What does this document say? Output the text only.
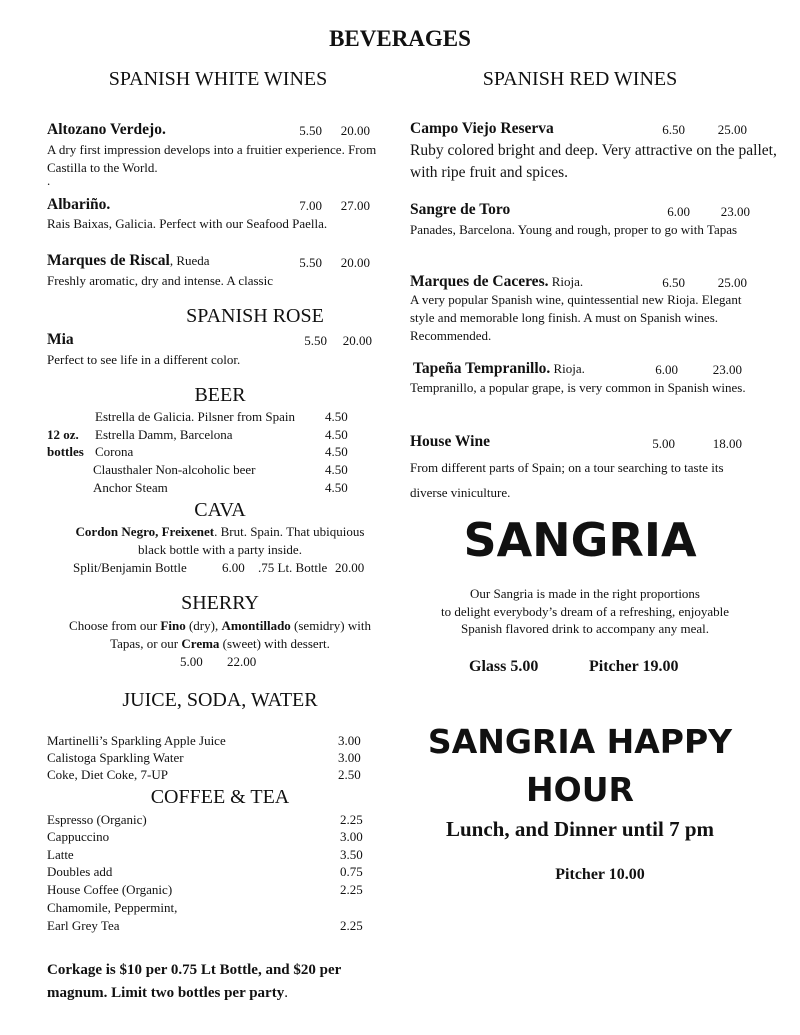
BEVERAGES
SPANISH WHITE WINES
Altozano Verdejo.	5.50	20.00
A dry first impression develops into a fruitier experience. From Castilla to the World.
.
Albariño.	7.00	27.00
Rais Baixas, Galicia. Perfect with our Seafood Paella.
Marques de Riscal, Rueda	5.50	20.00
Freshly aromatic, dry and intense. A classic
SPANISH ROSE
Mia	5.50	20.00
Perfect to see life in a different color.
BEER
12 oz.
bottles
Estrella de Galicia. Pilsner from Spain 4.50
Estrella Damm, Barcelona	4.50
Corona	4.50
Clausthaler Non-alcoholic beer	4.50
Anchor Steam	4.50
CAVA
Cordon Negro, Freixenet. Brut. Spain. That ubiquious
black bottle with a party inside.
Split/Benjamin Bottle	6.00 .75 Lt. Bottle 20.00
SHERRY
Choose from our Fino (dry), Amontillado (semidry) with
Tapas, or our Crema (sweet) with dessert.
5.00 22.00
JUICE, SODA, WATER
Martinelli’s Sparkling Apple Juice	3.00
Calistoga Sparkling Water	3.00
Coke, Diet Coke, 7-UP	2.50
COFFEE & TEA
Espresso (Organic)	2.25
Cappuccino	3.00
Latte	3.50
Doubles add	0.75
House Coffee (Organic)	2.25
Chamomile, Peppermint,
Earl Grey Tea	2.25
Corkage is $10 per 0.75 Lt Bottle, and $20 per
magnum. Limit two bottles per party.
SPANISH RED WINES
Campo Viejo Reserva	6.50	25.00
Ruby colored bright and deep. Very attractive on the pallet, with ripe fruit and spices.
Sangre de Toro	6.00	23.00
Panades, Barcelona. Young and rough, proper to go with Tapas
Marques de Caceres. Rioja.	6.50	25.00
A very popular Spanish wine, quintessential new Rioja. Elegant style and memorable long finish. A must on Spanish wines. Recommended.
Tapeña Tempranillo. Rioja.	6.00	23.00
Tempranillo, a popular grape, is very common in Spanish wines.
House Wine	5.00	18.00
From different parts of Spain; on a tour searching to taste its diverse viniculture.
SANGRIA
Our Sangria is made in the right proportions
to delight everybody’s dream of a refreshing, enjoyable
Spanish flavored drink to accompany any meal.
Glass 5.00	Pitcher 19.00
SANGRIA HAPPY
HOUR
Lunch, and Dinner until 7 pm
Pitcher 10.00
